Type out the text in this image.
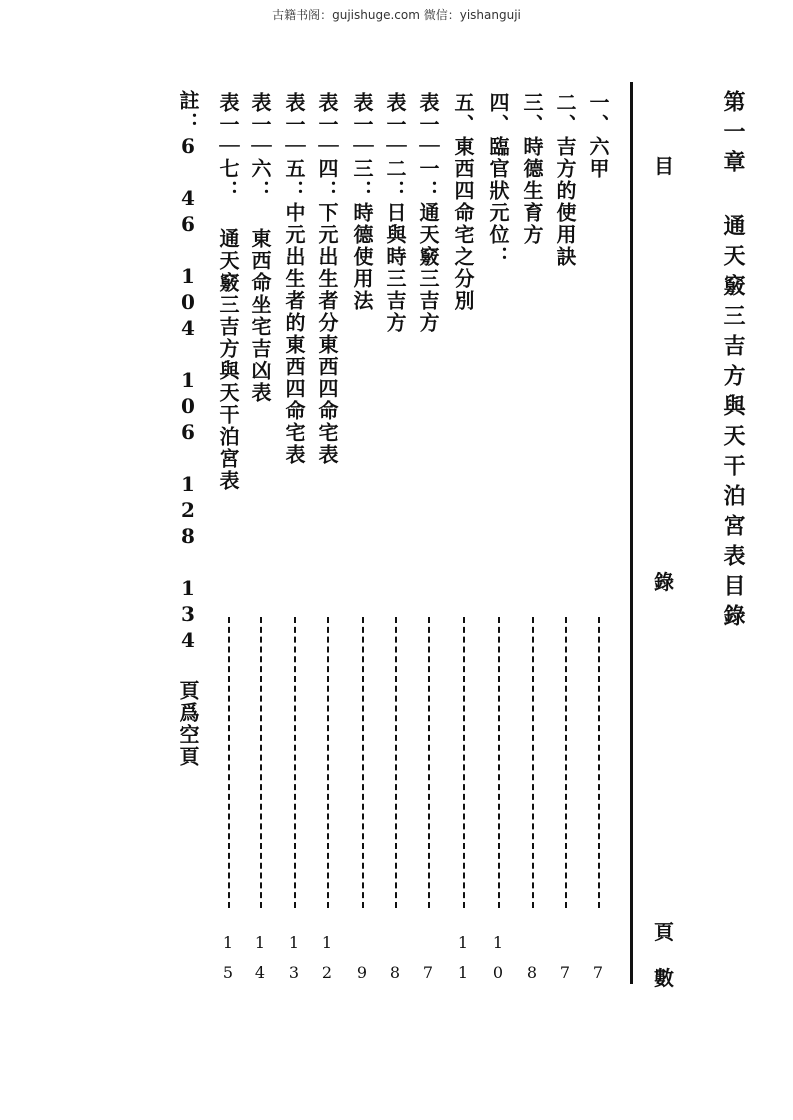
古籍书阁：gujishuge.com 微信：yishanguji
第一章 通天竅三吉方與天干泊宮表目錄
目
錄
頁
數
一、六甲
二、吉方的使用訣
三、時德生育方
四、臨官狀元位：
五、東西四命宅之分別
表一｜一：通天竅三吉方
表一｜二：日與時三吉方
表一｜三：時德使用法
表一｜四：下元出生者分東西四命宅表
表一｜五：中元出生者的東西四命宅表
表一｜六： 東西命坐宅吉凶表
表一｜七： 通天竅三吉方與天干泊宮表
註：6 46 104 106 128 134 頁爲空頁
7
7
8
1
0
1
1
7
8
9
1
2
1
3
1
4
1
5
